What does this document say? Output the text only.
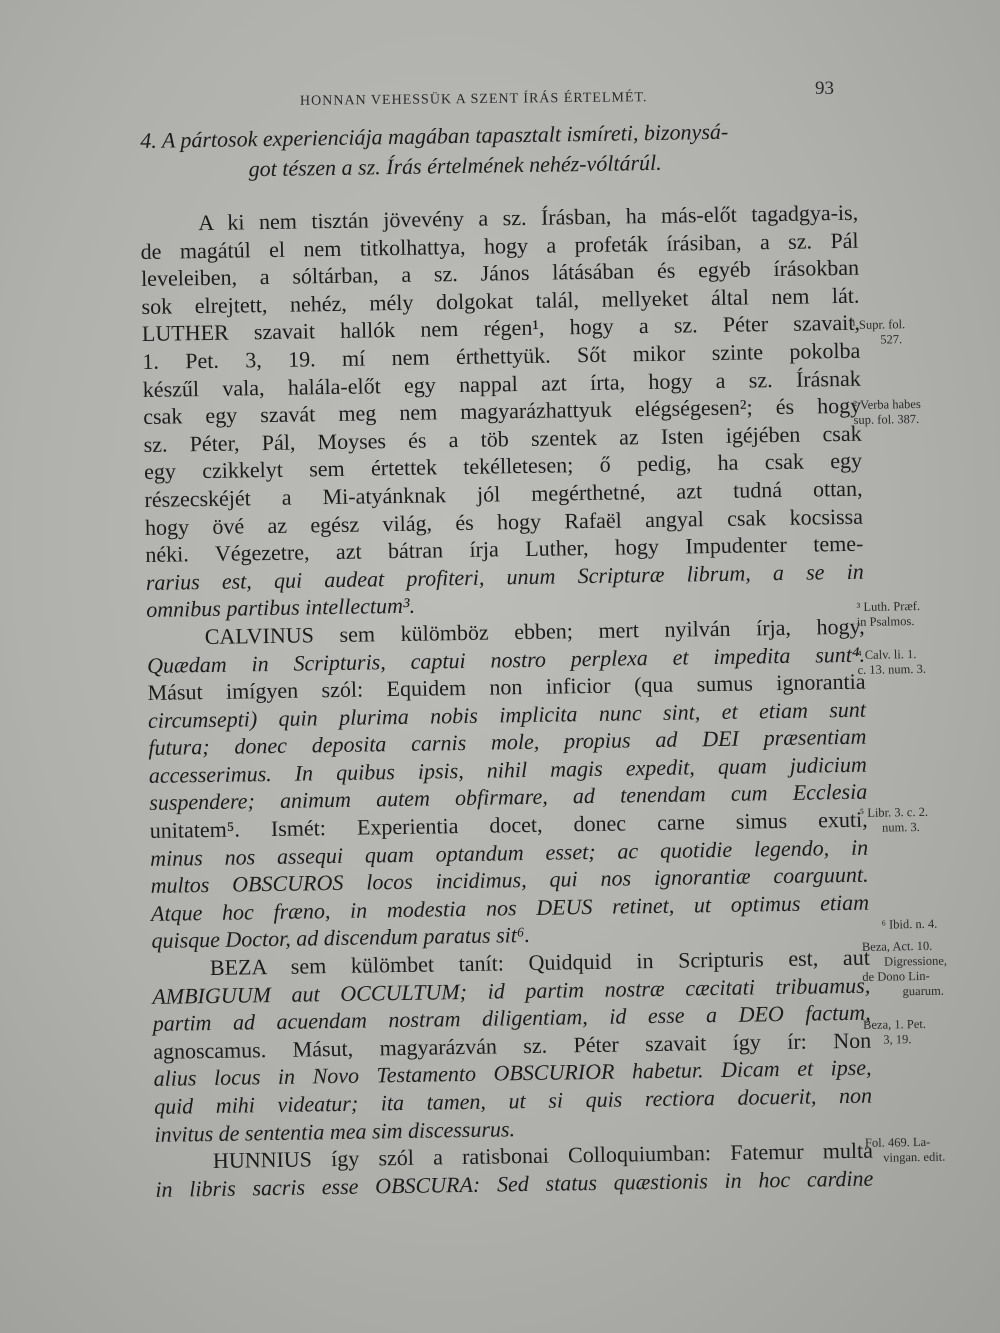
HONNAN VEHESSÜK A SZENT ÍRÁS ÉRTELMÉT.
93

4. A pártosok experienciája magában tapasztalt ismíreti, bizonysá-

got tészen a sz. Írás értelmének nehéz-vóltárúl.

A ki nem tisztán jövevény a sz. Írásban, ha más-előt tagadgya-is,

de magátúl el nem titkolhattya, hogy a profeták írásiban, a sz. Pál

leveleiben, a sóltárban, a sz. János látásában és egyéb írásokban

sok elrejtett, nehéz, mély dolgokat talál, mellyeket által nem lát.

LUTHER szavait hallók nem régen¹, hogy a sz. Péter szavait,

1. Pet. 3, 19. mí nem érthettyük. Sőt mikor szinte pokolba

készűl vala, halála-előt egy nappal azt írta, hogy a sz. Írásnak

csak egy szavát meg nem magyarázhattyuk elégségesen²; és hogy

sz. Péter, Pál, Moyses és a töb szentek az Isten igéjében csak

egy czikkelyt sem értettek tekélletesen; ő pedig, ha csak egy

részecskéjét a Mi-atyánknak jól megérthetné, azt tudná ottan,

hogy övé az egész világ, és hogy Rafaël angyal csak kocsissa

néki. Végezetre, azt bátran írja Luther, hogy Impudenter teme-

rarius est, qui audeat profiteri, unum Scripturæ librum, a se in

omnibus partibus intellectum³.

CALVINUS sem külömböz ebben; mert nyilván írja, hogy,

Quædam in Scripturis, captui nostro perplexa et impedita sunt⁴.

Másut imígyen szól: Equidem non inficior (qua sumus ignorantia

circumsepti) quin plurima nobis implicita nunc sint, et etiam sunt

futura; donec deposita carnis mole, propius ad DEI præsentiam

accesserimus. In quibus ipsis, nihil magis expedit, quam judicium

suspendere; animum autem obfirmare, ad tenendam cum Ecclesia

unitatem⁵. Ismét: Experientia docet, donec carne simus exuti,

minus nos assequi quam optandum esset; ac quotidie legendo, in

multos OBSCUROS locos incidimus, qui nos ignorantiæ coarguunt.

Atque hoc fræno, in modestia nos DEUS retinet, ut optimus etiam

quisque Doctor, ad discendum paratus sit⁶.

BEZA sem külömbet tanít: Quidquid in Scripturis est, aut

AMBIGUUM aut OCCULTUM; id partim nostræ cæcitati tribuamus,

partim ad acuendam nostram diligentiam, id esse a DEO factum,

agnoscamus. Másut, magyarázván sz. Péter szavait így ír: Non

alius locus in Novo Testamento OBSCURIOR habetur. Dicam et ipse,

quid mihi videatur; ita tamen, ut si quis rectiora docuerit, non

invitus de sententia mea sim discessurus.

HUNNIUS így szól a ratisbonai Colloquiumban: Fatemur multa

in libris sacris esse OBSCURA: Sed status quæstionis in hoc cardine

¹ Supr. fol.
527.
² Verba habes
sup. fol. 387.
³ Luth. Præf.
in Psalmos.
⁴ Calv. li. 1.
c. 13. num. 3.
⁵ Libr. 3. c. 2.
num. 3.
⁶ Ibid. n. 4.
Beza, Act. 10.
Digressione,
de Dono Lin-
guarum.
Beza, 1. Pet.
3, 19.
Fol. 469. La-
vingan. edit.
